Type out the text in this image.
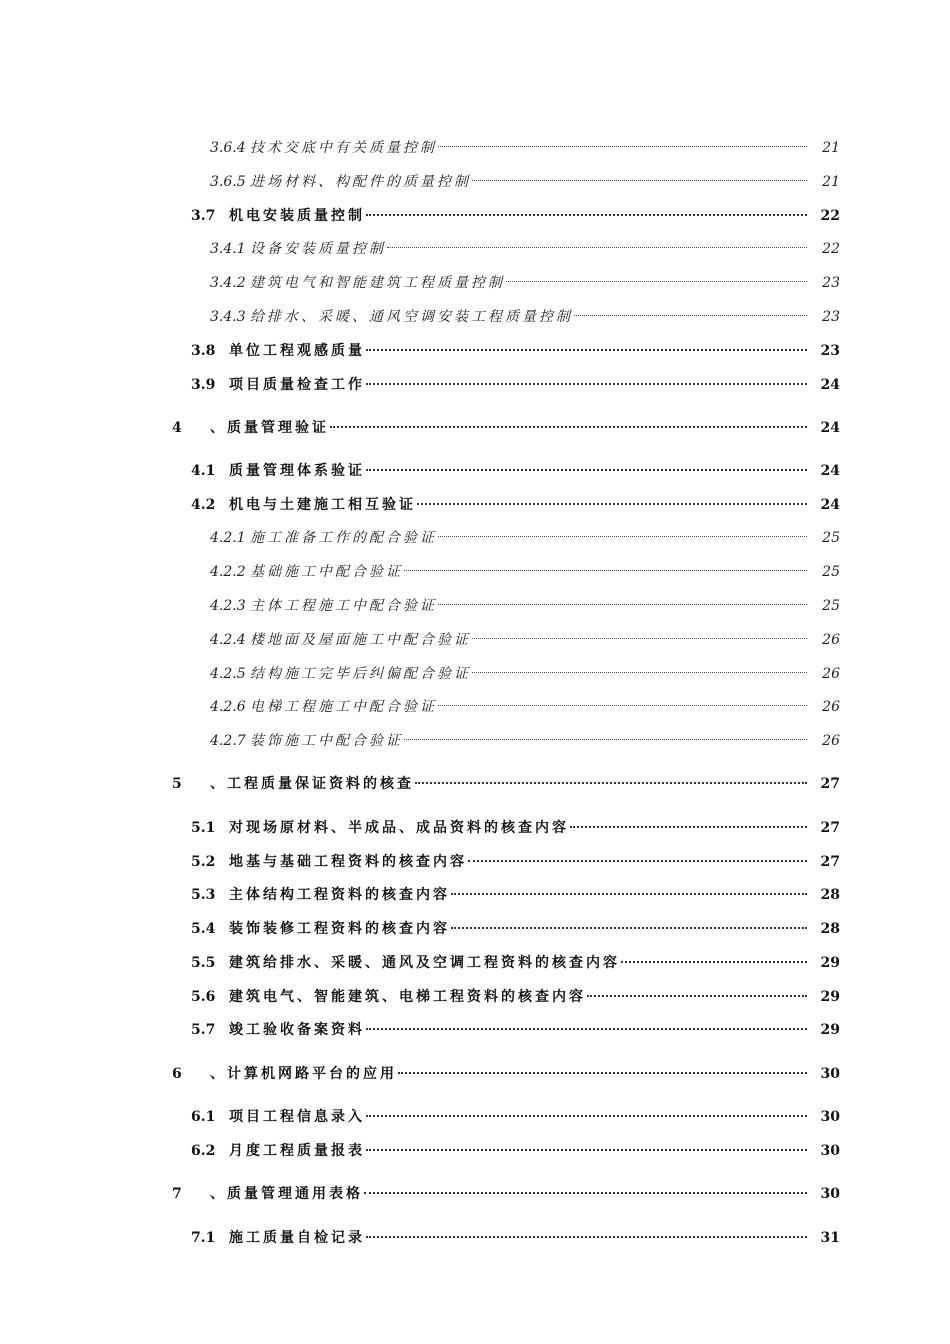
3.6.4 技术交底中有关质量控制	21
3.6.5 进场材料、构配件的质量控制	21
3.7 机电安装质量控制	22
3.4.1 设备安装质量控制	22
3.4.2 建筑电气和智能建筑工程质量控制	23
3.4.3 给排水、采暖、通风空调安装工程质量控制	23
3.8 单位工程观感质量	23
3.9 项目质量检查工作	24
4	、质量管理验证	24
4.1 质量管理体系验证	24
4.2 机电与土建施工相互验证	24
4.2.1 施工准备工作的配合验证	25
4.2.2 基础施工中配合验证	25
4.2.3 主体工程施工中配合验证	25
4.2.4 楼地面及屋面施工中配合验证	26
4.2.5 结构施工完毕后纠偏配合验证	26
4.2.6 电梯工程施工中配合验证	26
4.2.7 装饰施工中配合验证	26
5	、工程质量保证资料的核查	27
5.1 对现场原材料、半成品、成品资料的核查内容	27
5.2 地基与基础工程资料的核查内容	27
5.3 主体结构工程资料的核查内容	28
5.4 装饰装修工程资料的核查内容	28
5.5 建筑给排水、采暖、通风及空调工程资料的核查内容	29
5.6 建筑电气、智能建筑、电梯工程资料的核查内容	29
5.7 竣工验收备案资料	29
6	、计算机网路平台的应用	30
6.1 项目工程信息录入	30
6.2 月度工程质量报表	30
7	、质量管理通用表格	30
7.1 施工质量自检记录	31
